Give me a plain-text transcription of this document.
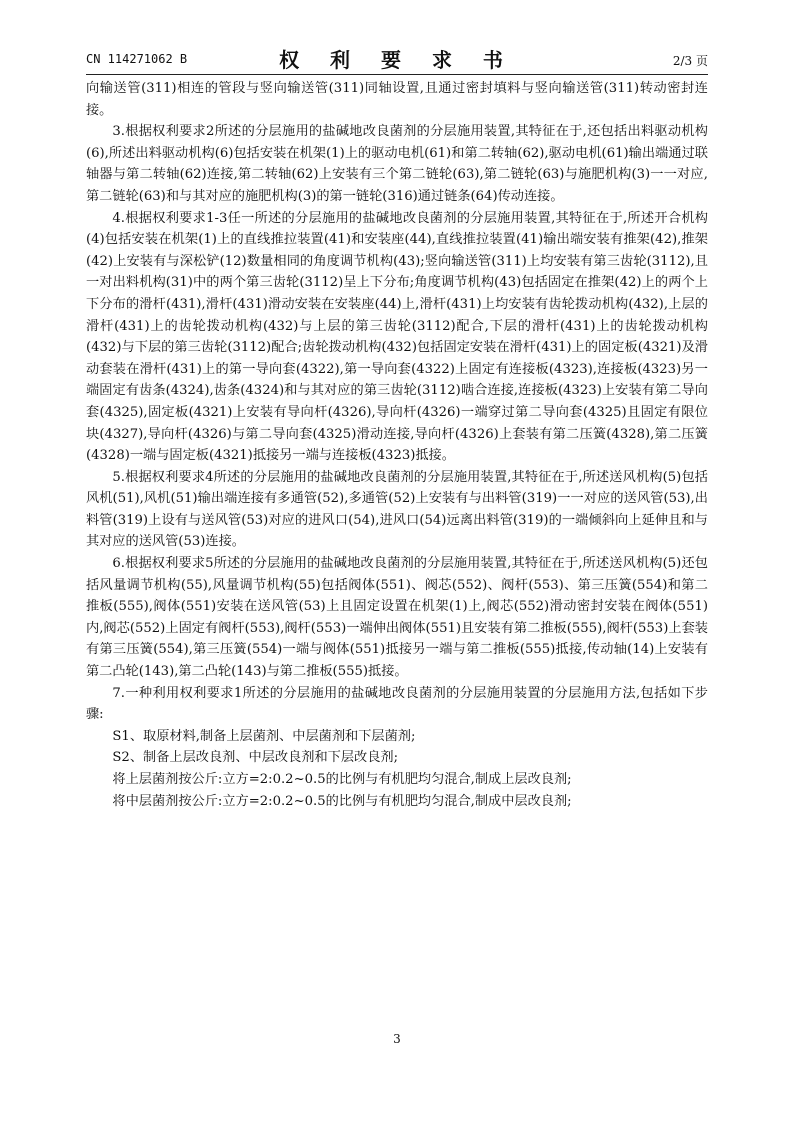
CN 114271062 B	权 利 要 求 书	2/3 页

向输送管(311)相连的管段与竖向输送管(311)同轴设置,且通过密封填料与竖向输送管(311)转动密封连接。

3.根据权利要求2所述的分层施用的盐碱地改良菌剂的分层施用装置,其特征在于,还包括出料驱动机构(6),所述出料驱动机构(6)包括安装在机架(1)上的驱动电机(61)和第二转轴(62),驱动电机(61)输出端通过联轴器与第二转轴(62)连接,第二转轴(62)上安装有三个第二链轮(63),第二链轮(63)与施肥机构(3)一一对应,第二链轮(63)和与其对应的施肥机构(3)的第一链轮(316)通过链条(64)传动连接。

4.根据权利要求1-3任一所述的分层施用的盐碱地改良菌剂的分层施用装置,其特征在于,所述开合机构(4)包括安装在机架(1)上的直线推拉装置(41)和安装座(44),直线推拉装置(41)输出端安装有推架(42),推架(42)上安装有与深松铲(12)数量相同的角度调节机构(43);竖向输送管(311)上均安装有第三齿轮(3112),且一对出料机构(31)中的两个第三齿轮(3112)呈上下分布;角度调节机构(43)包括固定在推架(42)上的两个上下分布的滑杆(431),滑杆(431)滑动安装在安装座(44)上,滑杆(431)上均安装有齿轮拨动机构(432),上层的滑杆(431)上的齿轮拨动机构(432)与上层的第三齿轮(3112)配合,下层的滑杆(431)上的齿轮拨动机构(432)与下层的第三齿轮(3112)配合;齿轮拨动机构(432)包括固定安装在滑杆(431)上的固定板(4321)及滑动套装在滑杆(431)上的第一导向套(4322),第一导向套(4322)上固定有连接板(4323),连接板(4323)另一端固定有齿条(4324),齿条(4324)和与其对应的第三齿轮(3112)啮合连接,连接板(4323)上安装有第二导向套(4325),固定板(4321)上安装有导向杆(4326),导向杆(4326)一端穿过第二导向套(4325)且固定有限位块(4327),导向杆(4326)与第二导向套(4325)滑动连接,导向杆(4326)上套装有第二压簧(4328),第二压簧(4328)一端与固定板(4321)抵接另一端与连接板(4323)抵接。

5.根据权利要求4所述的分层施用的盐碱地改良菌剂的分层施用装置,其特征在于,所述送风机构(5)包括风机(51),风机(51)输出端连接有多通管(52),多通管(52)上安装有与出料管(319)一一对应的送风管(53),出料管(319)上设有与送风管(53)对应的进风口(54),进风口(54)远离出料管(319)的一端倾斜向上延伸且和与其对应的送风管(53)连接。

6.根据权利要求5所述的分层施用的盐碱地改良菌剂的分层施用装置,其特征在于,所述送风机构(5)还包括风量调节机构(55),风量调节机构(55)包括阀体(551)、阀芯(552)、阀杆(553)、第三压簧(554)和第二推板(555),阀体(551)安装在送风管(53)上且固定设置在机架(1)上,阀芯(552)滑动密封安装在阀体(551)内,阀芯(552)上固定有阀杆(553),阀杆(553)一端伸出阀体(551)且安装有第二推板(555),阀杆(553)上套装有第三压簧(554),第三压簧(554)一端与阀体(551)抵接另一端与第二推板(555)抵接,传动轴(14)上安装有第二凸轮(143),第二凸轮(143)与第二推板(555)抵接。

7.一种利用权利要求1所述的分层施用的盐碱地改良菌剂的分层施用装置的分层施用方法,包括如下步骤:

S1、取原材料,制备上层菌剂、中层菌剂和下层菌剂;

S2、制备上层改良剂、中层改良剂和下层改良剂;

将上层菌剂按公斤:立方=2:0.2~0.5的比例与有机肥均匀混合,制成上层改良剂;

将中层菌剂按公斤:立方=2:0.2~0.5的比例与有机肥均匀混合,制成中层改良剂;

3
